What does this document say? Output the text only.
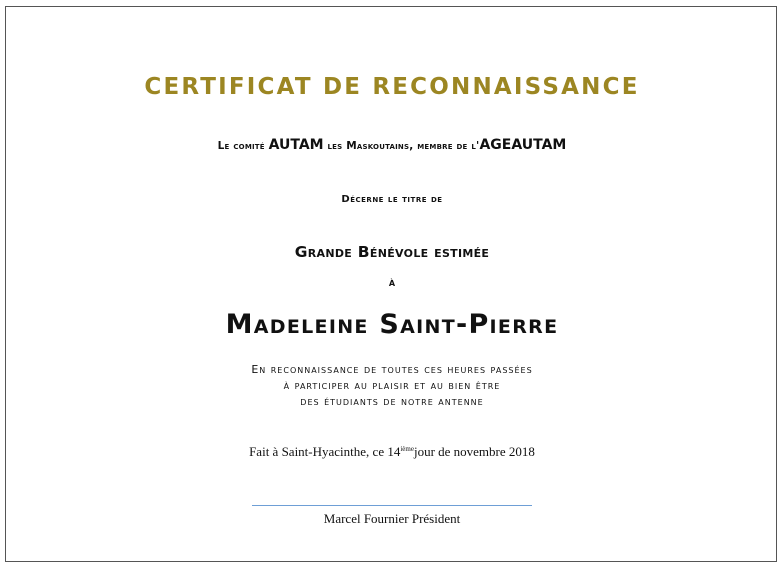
CERTIFICAT DE RECONNAISSANCE
Le comité AUTAM les Maskoutains, membre de l'AGEAUTAM
Décerne le titre de
Grande Bénévole estimée
à
Madeleine Saint-Pierre
En reconnaissance de toutes ces heures passées
à participer au plaisir et au bien être
des étudiants de notre antenne
Fait à Saint-Hyacinthe, ce 14ièmejour de novembre 2018
Marcel Fournier Président
